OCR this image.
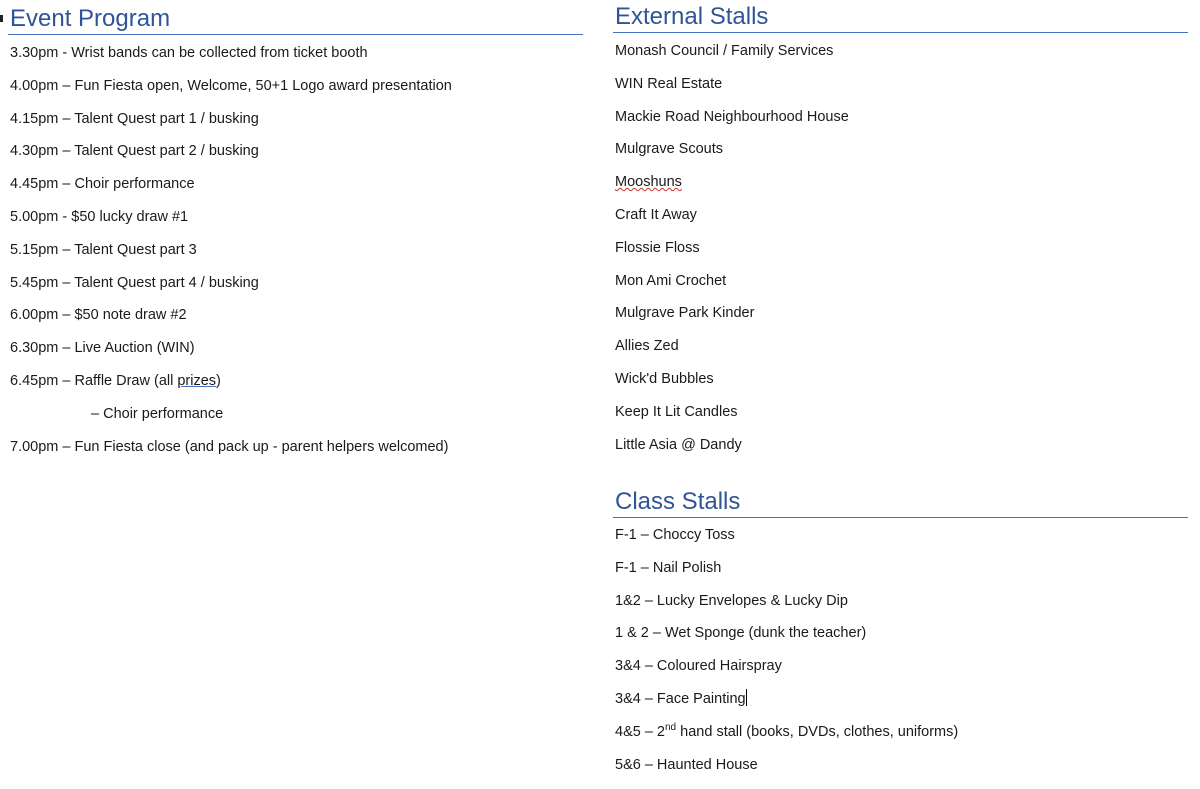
Event Program
3.30pm - Wrist bands can be collected from ticket booth
4.00pm – Fun Fiesta open, Welcome, 50+1 Logo award presentation
4.15pm – Talent Quest part 1 / busking
4.30pm – Talent Quest part 2 / busking
4.45pm – Choir performance
5.00pm - $50 lucky draw #1
5.15pm – Talent Quest part 3
5.45pm – Talent Quest part 4 / busking
6.00pm – $50 note draw #2
6.30pm – Live Auction (WIN)
6.45pm – Raffle Draw (all prizes)
– Choir performance
7.00pm – Fun Fiesta close (and pack up - parent helpers welcomed)
External Stalls
Monash Council / Family Services
WIN Real Estate
Mackie Road Neighbourhood House
Mulgrave Scouts
Mooshuns
Craft It Away
Flossie Floss
Mon Ami Crochet
Mulgrave Park Kinder
Allies Zed
Wick'd Bubbles
Keep It Lit Candles
Little Asia @ Dandy
Class Stalls
F-1 – Choccy Toss
F-1 – Nail Polish
1&2 – Lucky Envelopes & Lucky Dip
1 & 2 – Wet Sponge (dunk the teacher)
3&4 – Coloured Hairspray
3&4 – Face Painting
4&5 – 2nd hand stall (books, DVDs, clothes, uniforms)
5&6 – Haunted House
